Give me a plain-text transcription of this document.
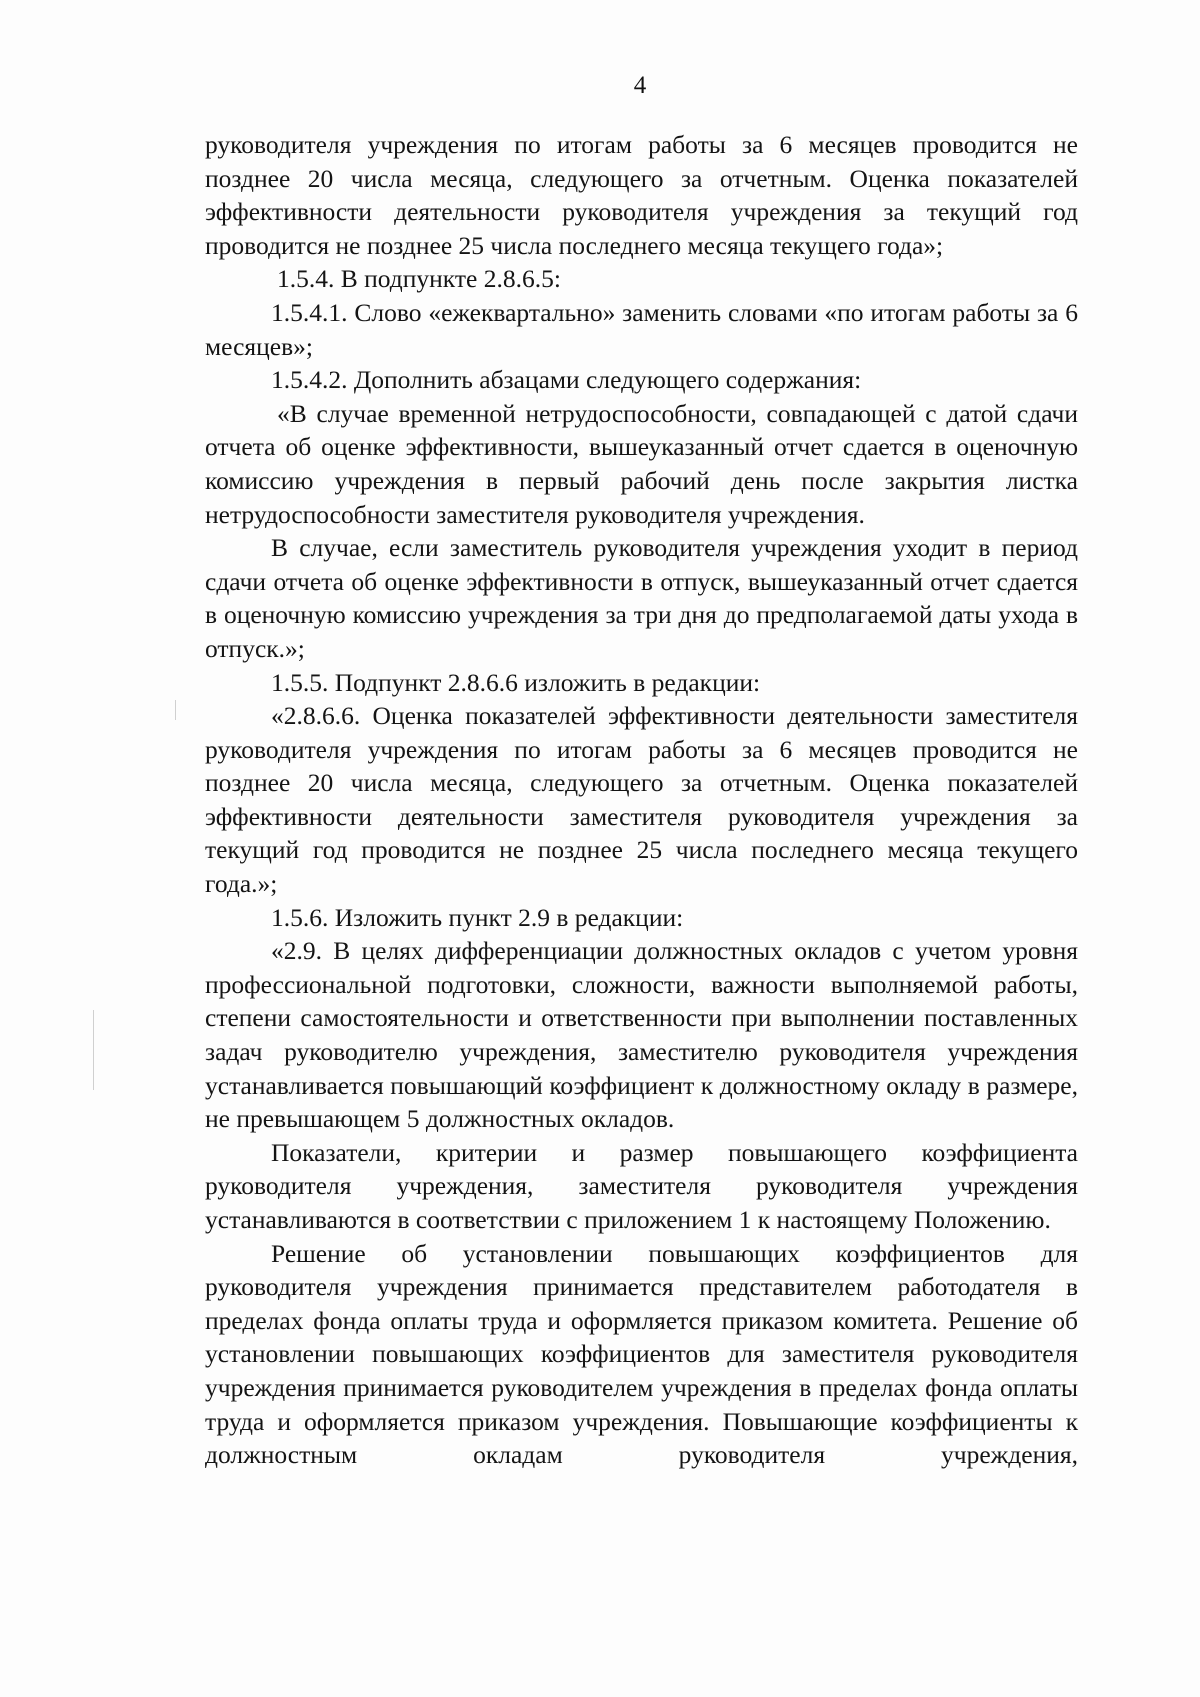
4

руководителя учреждения по итогам работы за 6 месяцев проводится не позднее 20 числа месяца, следующего за отчетным. Оценка показателей эффективности деятельности руководителя учреждения за текущий год проводится не позднее 25 числа последнего месяца текущего года»;

1.5.4. В подпункте 2.8.6.5:

1.5.4.1. Слово «ежеквартально» заменить словами «по итогам работы за 6 месяцев»;

1.5.4.2. Дополнить абзацами следующего содержания:

«В случае временной нетрудоспособности, совпадающей с датой сдачи отчета об оценке эффективности, вышеуказанный отчет сдается в оценочную комиссию учреждения в первый рабочий день после закрытия листка нетрудоспособности заместителя руководителя учреждения.

В случае, если заместитель руководителя учреждения уходит в период сдачи отчета об оценке эффективности в отпуск, вышеуказанный отчет сдается в оценочную комиссию учреждения за три дня до предполагаемой даты ухода в отпуск.»;

1.5.5. Подпункт 2.8.6.6 изложить в редакции:

«2.8.6.6. Оценка показателей эффективности деятельности заместителя руководителя учреждения по итогам работы за 6 месяцев проводится не позднее 20 числа месяца, следующего за отчетным. Оценка показателей эффективности деятельности заместителя руководителя учреждения за текущий год проводится не позднее 25 числа последнего месяца текущего года.»;

1.5.6. Изложить пункт 2.9 в редакции:

«2.9. В целях дифференциации должностных окладов с учетом уровня профессиональной подготовки, сложности, важности выполняемой работы, степени самостоятельности и ответственности при выполнении поставленных задач руководителю учреждения, заместителю руководителя учреждения устанавливается повышающий коэффициент к должностному окладу в размере, не превышающем 5 должностных окладов.

Показатели, критерии и размер повышающего коэффициента руководителя учреждения, заместителя руководителя учреждения устанавливаются в соответствии с приложением 1 к настоящему Положению.

Решение об установлении повышающих коэффициентов для руководителя учреждения принимается представителем работодателя в пределах фонда оплаты труда и оформляется приказом комитета. Решение об установлении повышающих коэффициентов для заместителя руководителя учреждения принимается руководителем учреждения в пределах фонда оплаты труда и оформляется приказом учреждения. Повышающие коэффициенты к должностным окладам руководителя учреждения,
